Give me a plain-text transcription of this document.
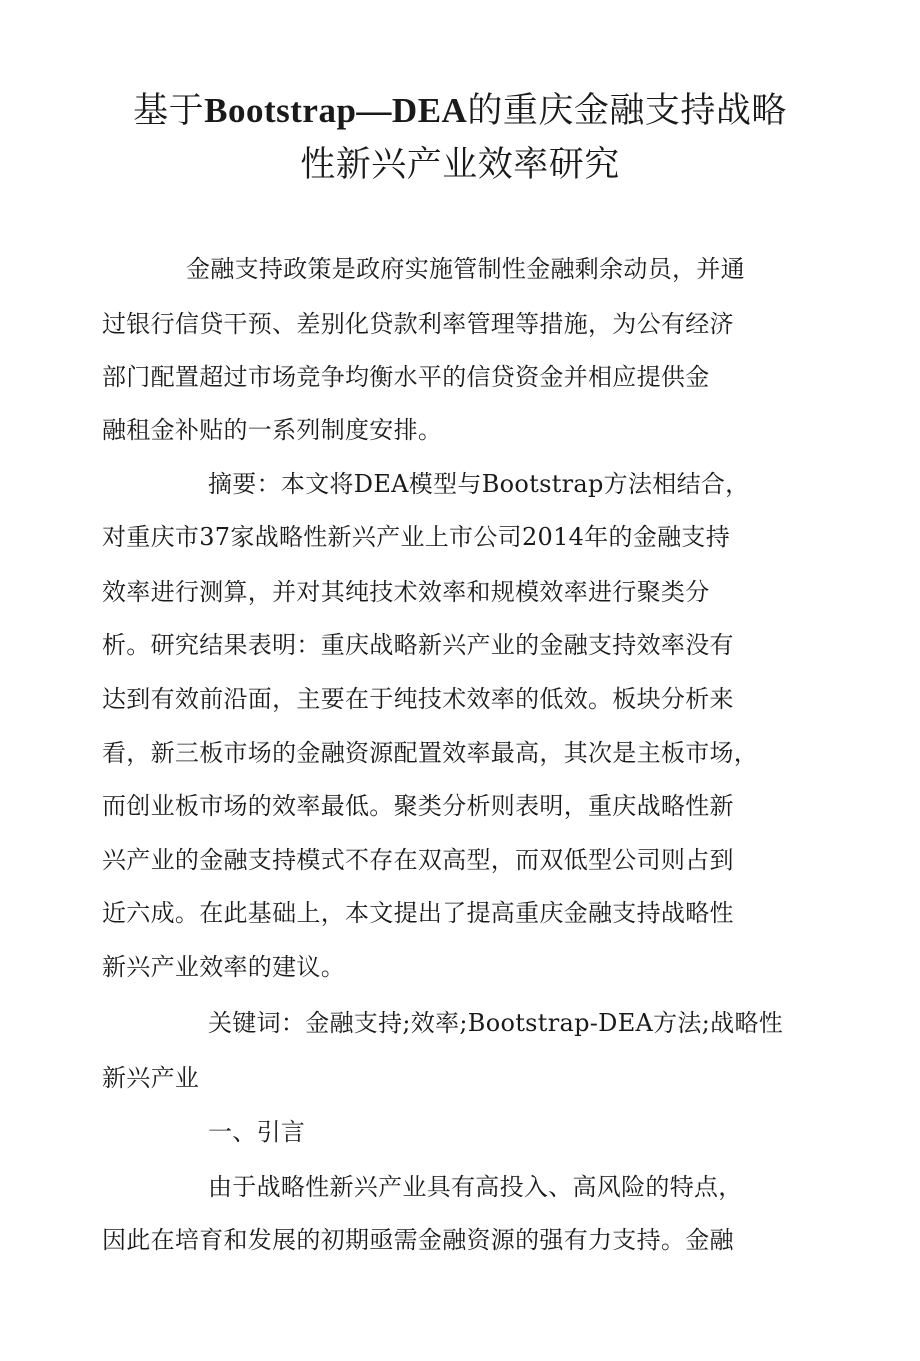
基于Bootstrap—DEA的重庆金融支持战略
性新兴产业效率研究
金融支持政策是政府实施管制性金融剩余动员，并通
过银行信贷干预、差别化贷款利率管理等措施，为公有经济
部门配置超过市场竞争均衡水平的信贷资金并相应提供金
融租金补贴的一系列制度安排。
摘要：本文将DEA模型与Bootstrap方法相结合，
对重庆市37家战略性新兴产业上市公司2014年的金融支持
效率进行测算，并对其纯技术效率和规模效率进行聚类分
析。研究结果表明：重庆战略新兴产业的金融支持效率没有
达到有效前沿面，主要在于纯技术效率的低效。板块分析来
看，新三板市场的金融资源配置效率最高，其次是主板市场，
而创业板市场的效率最低。聚类分析则表明，重庆战略性新
兴产业的金融支持模式不存在双高型，而双低型公司则占到
近六成。在此基础上，本文提出了提高重庆金融支持战略性
新兴产业效率的建议。
关键词：金融支持;效率;Bootstrap-DEA方法;战略性
新兴产业
一、引言
由于战略性新兴产业具有高投入、高风险的特点，
因此在培育和发展的初期亟需金融资源的强有力支持。金融
